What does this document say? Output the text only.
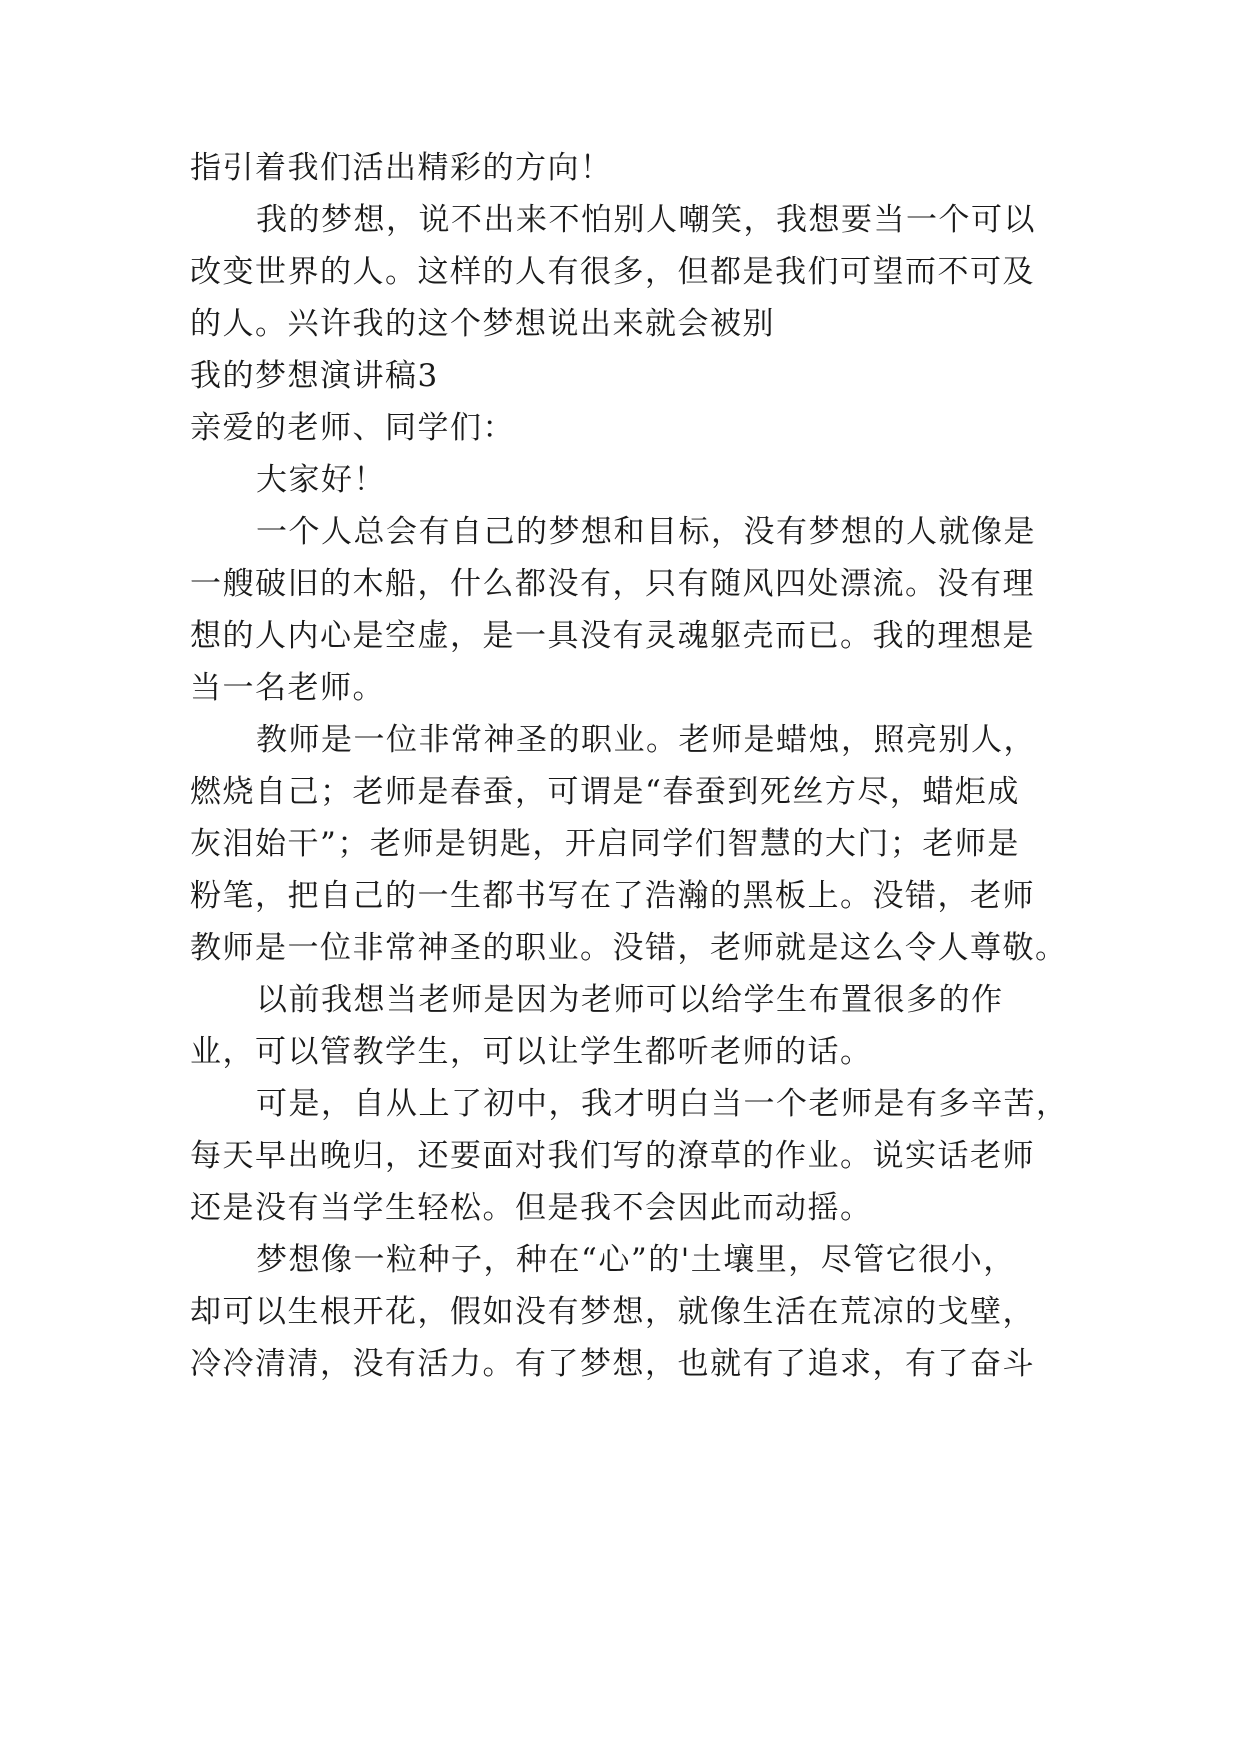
指引着我们活出精彩的方向！
我的梦想，说不出来不怕别人嘲笑，我想要当一个可以
改变世界的人。这样的人有很多，但都是我们可望而不可及
的人。兴许我的这个梦想说出来就会被别
我的梦想演讲稿3
亲爱的老师、同学们：
大家好！
一个人总会有自己的梦想和目标，没有梦想的人就像是
一艘破旧的木船，什么都没有，只有随风四处漂流。没有理
想的人内心是空虚，是一具没有灵魂躯壳而已。我的理想是
当一名老师。
教师是一位非常神圣的职业。老师是蜡烛，照亮别人，
燃烧自己；老师是春蚕，可谓是“春蚕到死丝方尽，蜡炬成
灰泪始干”；老师是钥匙，开启同学们智慧的大门；老师是
粉笔，把自己的一生都书写在了浩瀚的黑板上。没错，老师
教师是一位非常神圣的职业。没错，老师就是这么令人尊敬。
以前我想当老师是因为老师可以给学生布置很多的作
业，可以管教学生，可以让学生都听老师的话。
可是，自从上了初中，我才明白当一个老师是有多辛苦，
每天早出晚归，还要面对我们写的潦草的作业。说实话老师
还是没有当学生轻松。但是我不会因此而动摇。
梦想像一粒种子，种在“心”的'土壤里，尽管它很小，
却可以生根开花，假如没有梦想，就像生活在荒凉的戈壁，
冷冷清清，没有活力。有了梦想，也就有了追求，有了奋斗
